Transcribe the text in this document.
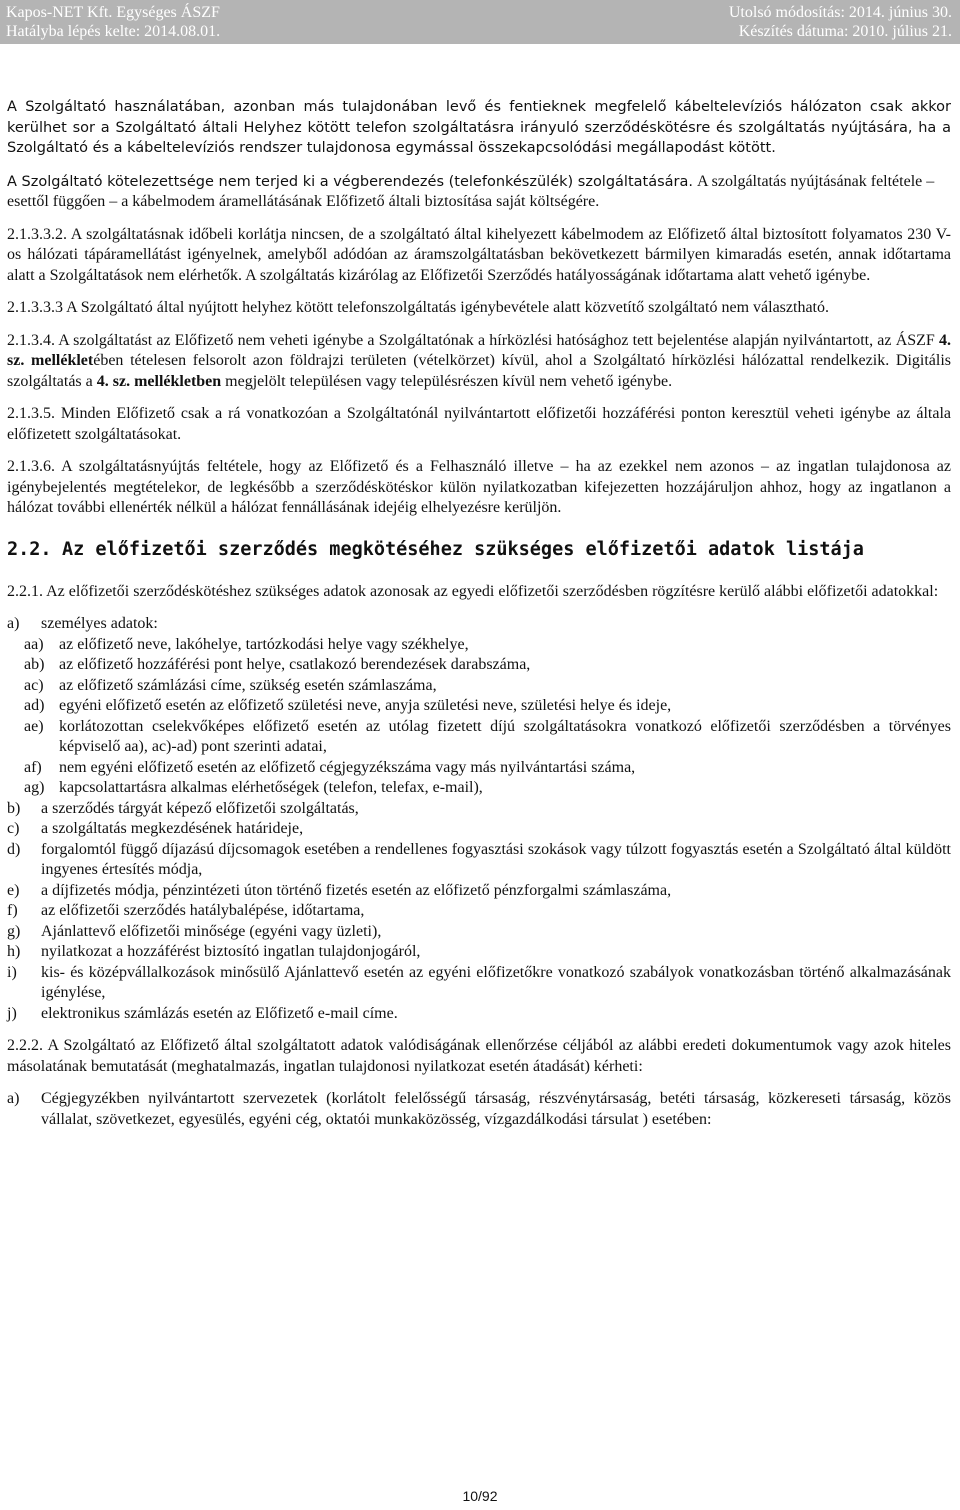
Kapos-NET Kft. Egységes ÁSZF
Hatályba lépés kelte: 2014.08.01.
Utolsó módosítás: 2014. június 30.
Készítés dátuma: 2010. július 21.

A Szolgáltató használatában, azonban más tulajdonában levő és fentieknek megfelelő kábeltelevíziós hálózaton csak akkor kerülhet sor a Szolgáltató általi Helyhez kötött telefon szolgáltatásra irányuló szerződéskötésre és szolgáltatás nyújtására, ha a Szolgáltató és a kábeltelevíziós rendszer tulajdonosa egymással összekapcsolódási megállapodást kötött.

A Szolgáltató kötelezettsége nem terjed ki a végberendezés (telefonkészülék) szolgáltatására.

A szolgáltatás nyújtásának feltétele – esettől függően – a kábelmodem áramellátásának Előfizető általi biztosítása saját költségére.

2.1.3.3.2. A szolgáltatásnak időbeli korlátja nincsen, de a szolgáltató által kihelyezett kábelmodem az Előfizető által biztosított folyamatos 230 V-os hálózati tápáramellátást igényelnek, amelyből adódóan az áramszolgáltatásban bekövetkezett bármilyen kimaradás esetén, annak időtartama alatt a Szolgáltatások nem elérhetők. A szolgáltatás kizárólag az Előfizetői Szerződés hatályosságának időtartama alatt vehető igénybe.

2.1.3.3.3 A Szolgáltató által nyújtott helyhez kötött telefonszolgáltatás igénybevétele alatt közvetítő szolgáltató nem választható.

2.1.3.4. A szolgáltatást az Előfizető nem veheti igénybe a Szolgáltatónak a hírközlési hatósághoz tett bejelentése alapján nyilvántartott, az ÁSZF 4. sz. mellékletében tételesen felsorolt azon földrajzi területen (vételkörzet) kívül, ahol a Szolgáltató hírközlési hálózattal rendelkezik. Digitális szolgáltatás a 4. sz. mellékletben megjelölt településen vagy településrészen kívül nem vehető igénybe.

2.1.3.5. Minden Előfizető csak a rá vonatkozóan a Szolgáltatónál nyilvántartott előfizetői hozzáférési ponton keresztül veheti igénybe az általa előfizetett szolgáltatásokat.

2.1.3.6. A szolgáltatásnyújtás feltétele, hogy az Előfizető és a Felhasználó illetve – ha az ezekkel nem azonos – az ingatlan tulajdonosa az igénybejelentés megtételekor, de legkésőbb a szerződéskötéskor külön nyilatkozatban kifejezetten hozzájáruljon ahhoz, hogy az ingatlanon a hálózat további ellenérték nélkül a hálózat fennállásának idejéig elhelyezésre kerüljön.

2.2. Az előfizetői szerződés megkötéséhez szükséges előfizetői adatok listája

2.2.1. Az előfizetői szerződéskötéshez szükséges adatok azonosak az egyedi előfizetői szerződésben rögzítésre kerülő alábbi előfizetői adatokkal:

a)	személyes adatok:
aa) az előfizető neve, lakóhelye, tartózkodási helye vagy székhelye,
ab) az előfizető hozzáférési pont helye, csatlakozó berendezések darabszáma,
ac) az előfizető számlázási címe, szükség esetén számlaszáma,
ad) egyéni előfizető esetén az előfizető születési neve, anyja születési neve, születési helye és ideje,
ae) korlátozottan cselekvőképes előfizető esetén az utólag fizetett díjú szolgáltatásokra vonatkozó előfizetői szerződésben a törvényes képviselő aa), ac)-ad) pont szerinti adatai,
af)	nem egyéni előfizető esetén az előfizető cégjegyzékszáma vagy más nyilvántartási száma,
ag) kapcsolattartásra alkalmas elérhetőségek (telefon, telefax, e-mail),
b)	a szerződés tárgyát képező előfizetői szolgáltatás,
c)	a szolgáltatás megkezdésének határideje,
d)	forgalomtól függő díjazású díjcsomagok esetében a rendellenes fogyasztási szokások vagy túlzott fogyasztás esetén a Szolgáltató által küldött ingyenes értesítés módja,
e)	a díjfizetés módja, pénzintézeti úton történő fizetés esetén az előfizető pénzforgalmi számlaszáma,
f)	az előfizetői szerződés hatálybalépése, időtartama,
g)	Ajánlattevő előfizetői minősége (egyéni vagy üzleti),
h)	nyilatkozat a hozzáférést biztosító ingatlan tulajdonjogáról,
i)	kis- és középvállalkozások minősülő Ajánlattevő esetén az egyéni előfizetőkre vonatkozó szabályok vonatkozásban történő alkalmazásának igénylése,
j)	elektronikus számlázás esetén az Előfizető e-mail címe.

2.2.2. A Szolgáltató az Előfizető által szolgáltatott adatok valódiságának ellenőrzése céljából az alábbi eredeti dokumentumok vagy azok hiteles másolatának bemutatását (meghatalmazás, ingatlan tulajdonosi nyilatkozat esetén átadását) kérheti:

a)	Cégjegyzékben nyilvántartott szervezetek (korlátolt felelősségű társaság, részvénytársaság, betéti társaság, közkereseti társaság, közös vállalat, szövetkezet, egyesülés, egyéni cég, oktatói munkaközösség, vízgazdálkodási társulat ) esetében:
10/92
